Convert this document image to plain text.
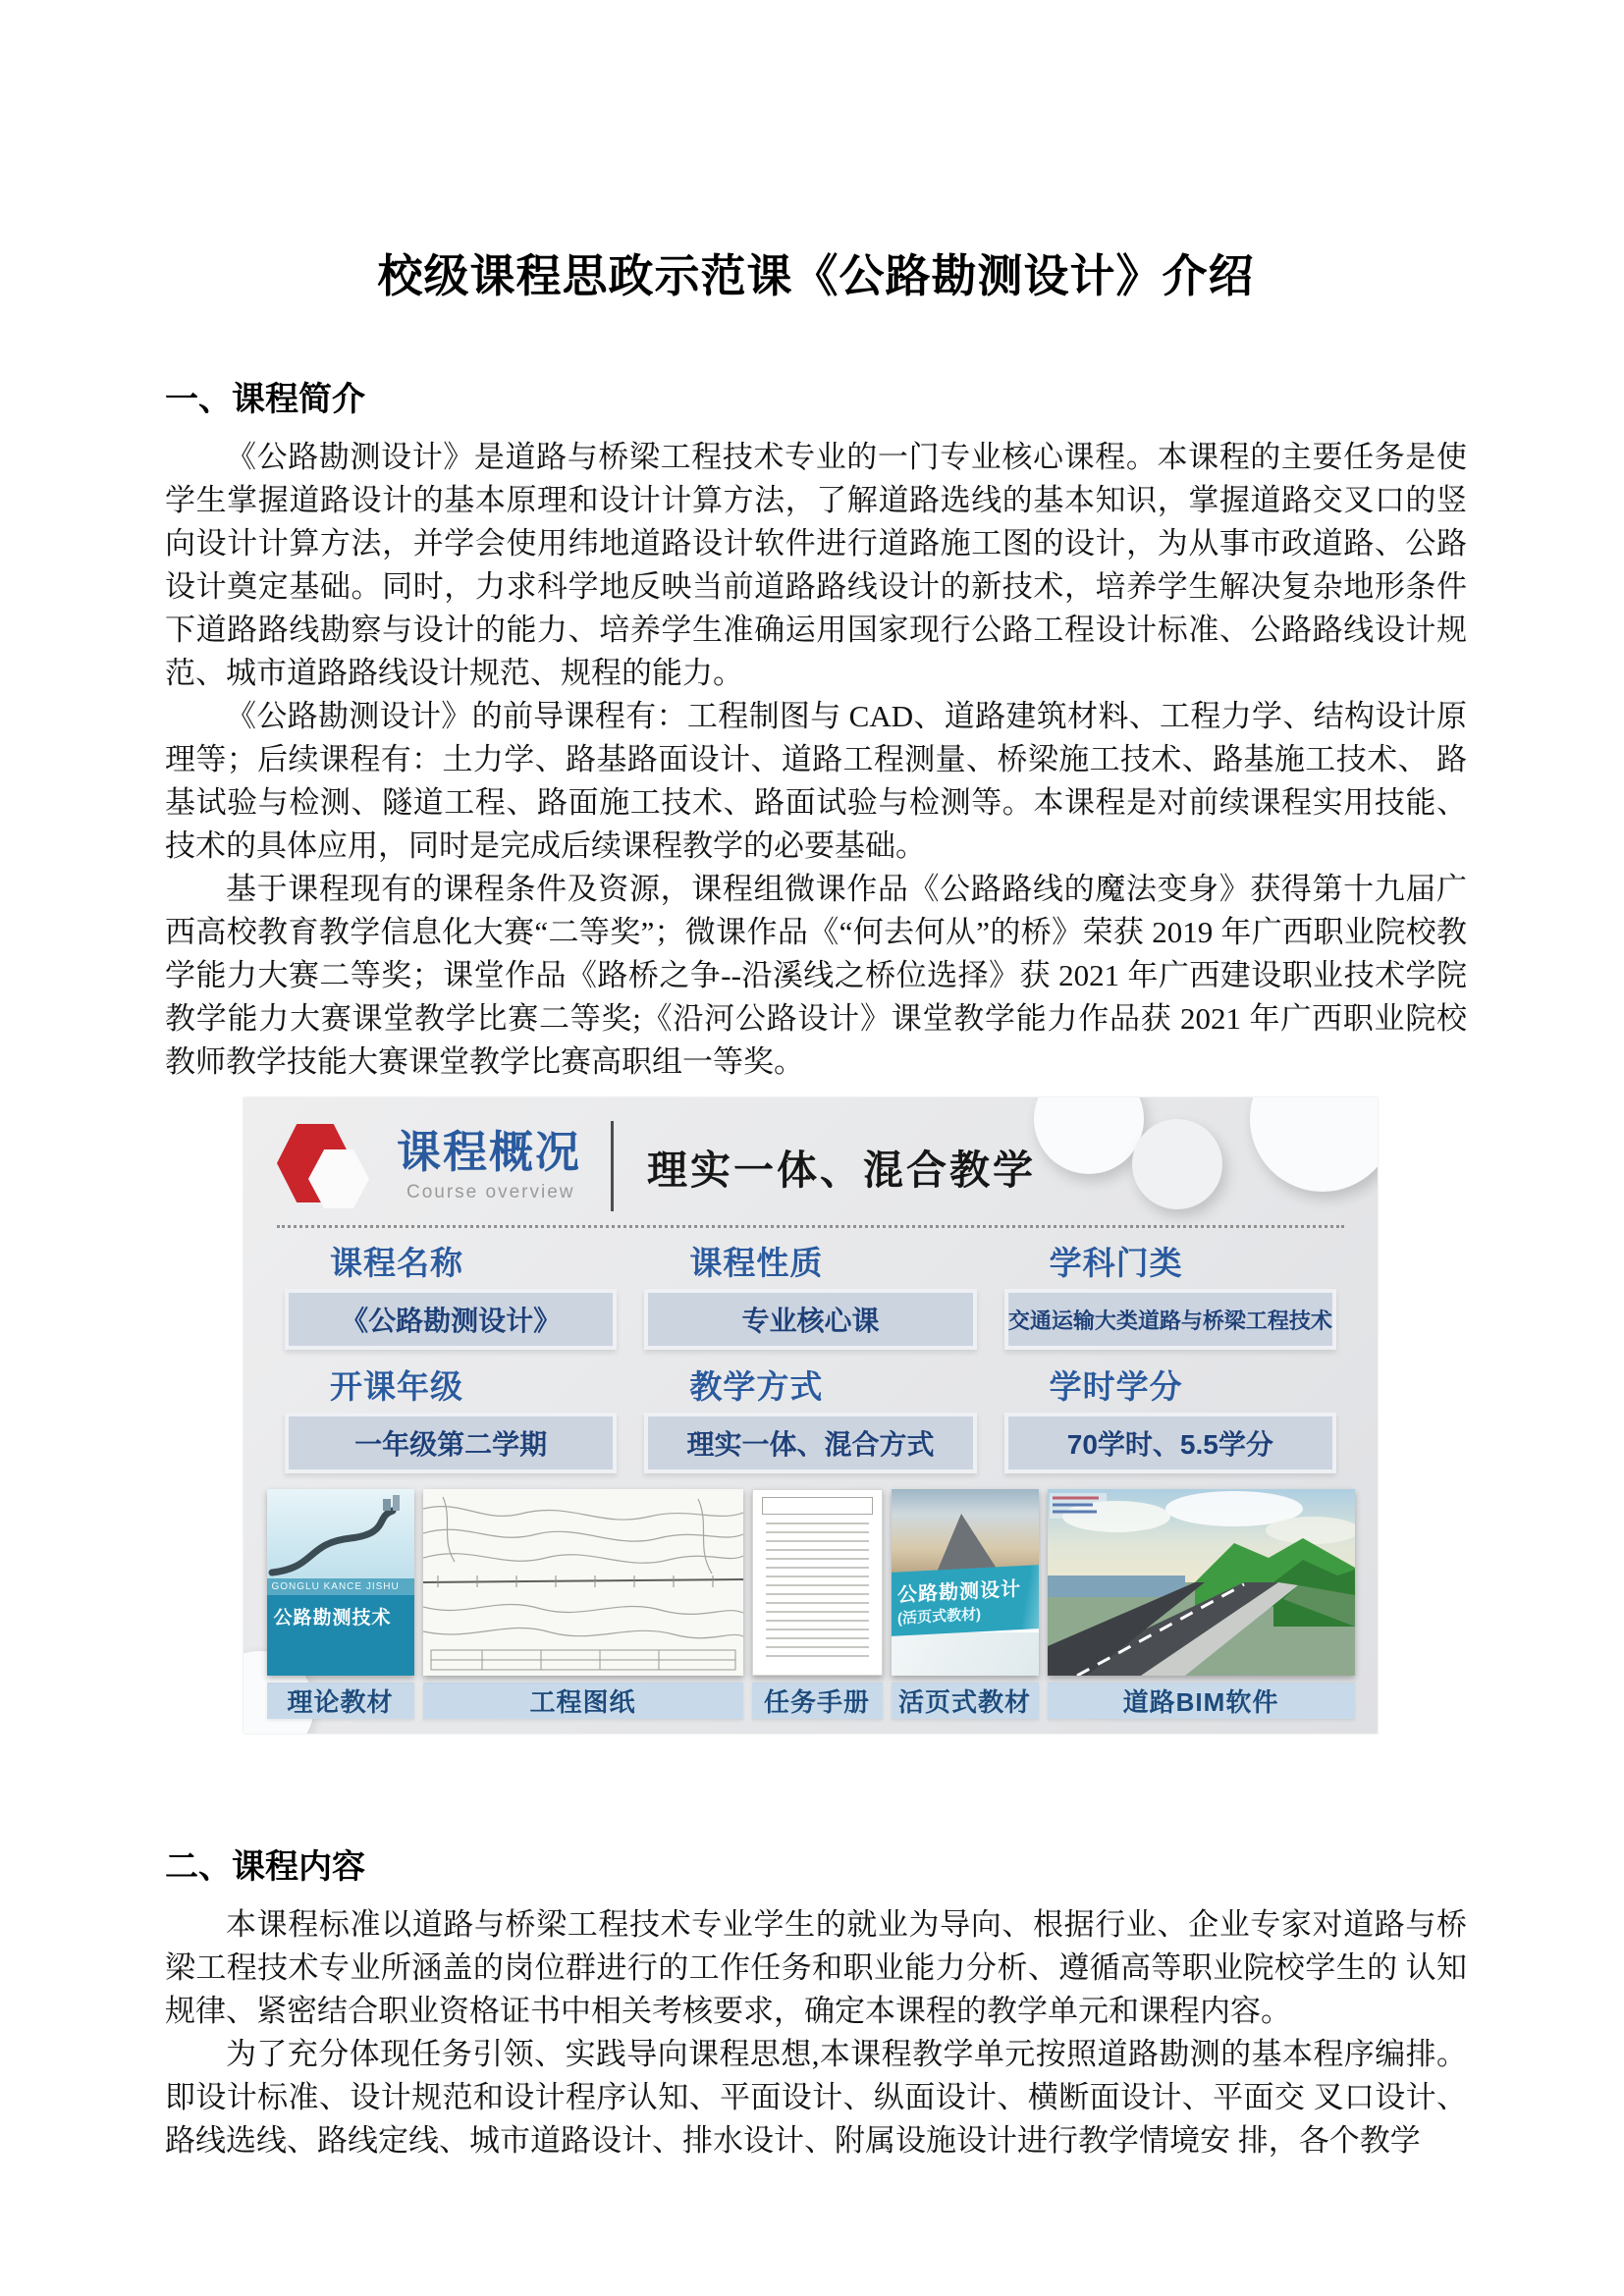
校级课程思政示范课《公路勘测设计》介绍
一、课程简介

《公路勘测设计》是道路与桥梁工程技术专业的一门专业核心课程。本课程的主要任务是使学生掌握道路设计的基本原理和设计计算方法，了解道路选线的基本知识，掌握道路交叉口的竖向设计计算方法，并学会使用纬地道路设计软件进行道路施工图的设计，为从事市政道路、公路设计奠定基础。同时，力求科学地反映当前道路路线设计的新技术，培养学生解决复杂地形条件下道路路线勘察与设计的能力、培养学生准确运用国家现行公路工程设计标准、公路路线设计规范、城市道路路线设计规范、规程的能力。

《公路勘测设计》的前导课程有：工程制图与 CAD、道路建筑材料、工程力学、结构设计原理等；后续课程有：土力学、路基路面设计、道路工程测量、桥梁施工技术、路基施工技术、 路基试验与检测、隧道工程、路面施工技术、路面试验与检测等。本课程是对前续课程实用技能、技术的具体应用，同时是完成后续课程教学的必要基础。

基于课程现有的课程条件及资源，课程组微课作品《公路路线的魔法变身》获得第十九届广西高校教育教学信息化大赛“二等奖”；微课作品《“何去何从”的桥》荣获 2019 年广西职业院校教学能力大赛二等奖；课堂作品《路桥之争--沿溪线之桥位选择》获 2021 年广西建设职业技术学院教学能力大赛课堂教学比赛二等奖;《沿河公路设计》课堂教学能力作品获 2021 年广西职业院校教师教学技能大赛课堂教学比赛高职组一等奖。

课程概况
Course overview 理实一体、混合教学
课程名称
《公路勘测设计》
课程性质
专业核心课
学科门类
交通运输大类道路与桥梁工程技术
开课年级
一年级第二学期
教学方式
理实一体、混合方式
学时学分
70学时、5.5学分
GONGLU KANCE JISHU
公路勘测技术
理论教材	工程图纸	任务手册
公路勘测设计
(活页式教材)
活页式教材	道路BIM软件
二、课程内容

本课程标准以道路与桥梁工程技术专业学生的就业为导向、根据行业、企业专家对道路与桥梁工程技术专业所涵盖的岗位群进行的工作任务和职业能力分析、遵循高等职业院校学生的 认知规律、紧密结合职业资格证书中相关考核要求，确定本课程的教学单元和课程内容。

为了充分体现任务引领、实践导向课程思想,本课程教学单元按照道路勘测的基本程序编排。即设计标准、设计规范和设计程序认知、平面设计、纵面设计、横断面设计、平面交 叉口设计、路线选线、路线定线、城市道路设计、排水设计、附属设施设计进行教学情境安 排，各个教学
